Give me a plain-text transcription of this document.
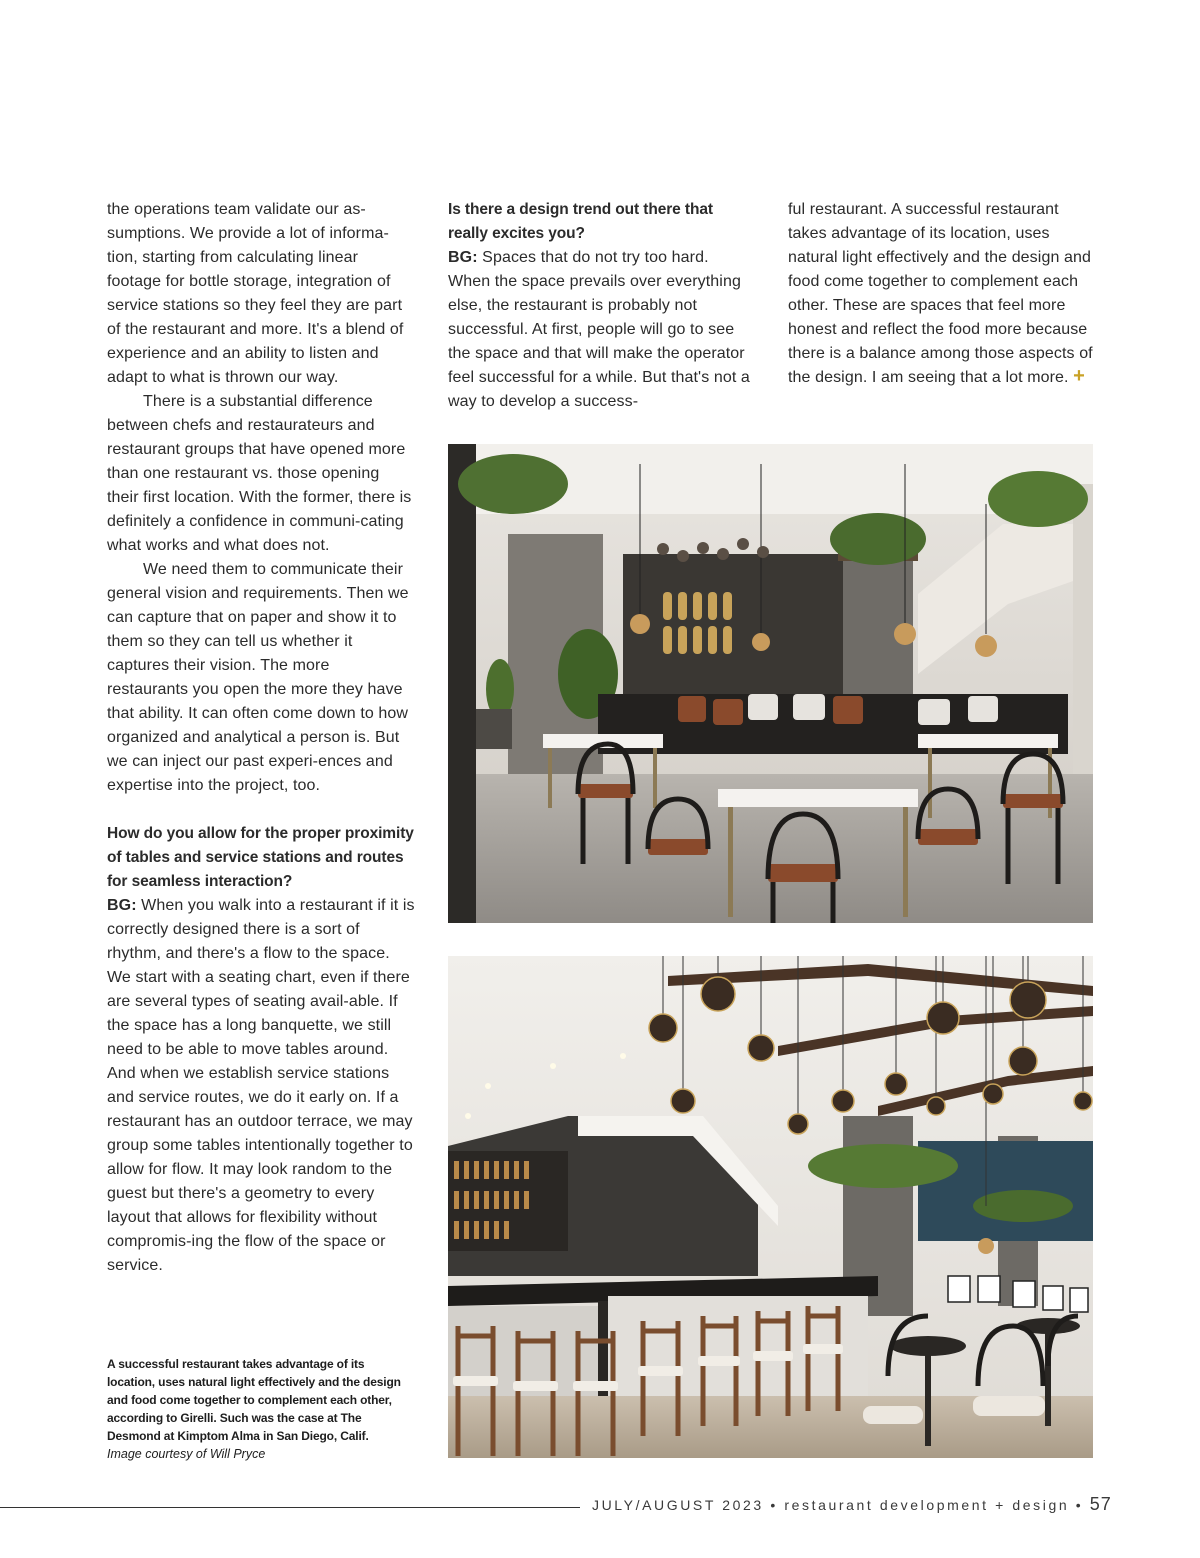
the operations team validate our as-sumptions. We provide a lot of informa-tion, starting from calculating linear footage for bottle storage, integration of service stations so they feel they are part of the restaurant and more. It's a blend of experience and an ability to listen and adapt to what is thrown our way.

There is a substantial difference between chefs and restaurateurs and restaurant groups that have opened more than one restaurant vs. those opening their first location. With the former, there is definitely a confidence in communi-cating what works and what does not.

We need them to communicate their general vision and requirements. Then we can capture that on paper and show it to them so they can tell us whether it captures their vision. The more restaurants you open the more they have that ability. It can often come down to how organized and analytical a person is. But we can inject our past experi-ences and expertise into the project, too.

How do you allow for the proper proximity of tables and service stations and routes for seamless interaction?

BG: When you walk into a restaurant if it is correctly designed there is a sort of rhythm, and there's a flow to the space. We start with a seating chart, even if there are several types of seating avail-able. If the space has a long banquette, we still need to be able to move tables around. And when we establish service stations and service routes, we do it early on. If a restaurant has an outdoor terrace, we may group some tables intentionally together to allow for flow. It may look random to the guest but there's a geometry to every layout that allows for flexibility without compromis-ing the flow of the space or service.

Is there a design trend out there that really excites you?

BG: Spaces that do not try too hard. When the space prevails over everything else, the restaurant is probably not successful. At first, people will go to see the space and that will make the operator feel successful for a while. But that's not a way to develop a success-

ful restaurant. A successful restaurant takes advantage of its location, uses natural light effectively and the design and food come together to complement each other. These are spaces that feel more honest and reflect the food more because there is a balance among those aspects of the design. I am seeing that a lot more. +

A successful restaurant takes advantage of its location, uses natural light effectively and the design and food come together to complement each other, according to Girelli. Such was the case at The Desmond at Kimptom Alma in San Diego, Calif.

Image courtesy of Will Pryce

JULY/AUGUST 2023 • restaurant development + design • 57
